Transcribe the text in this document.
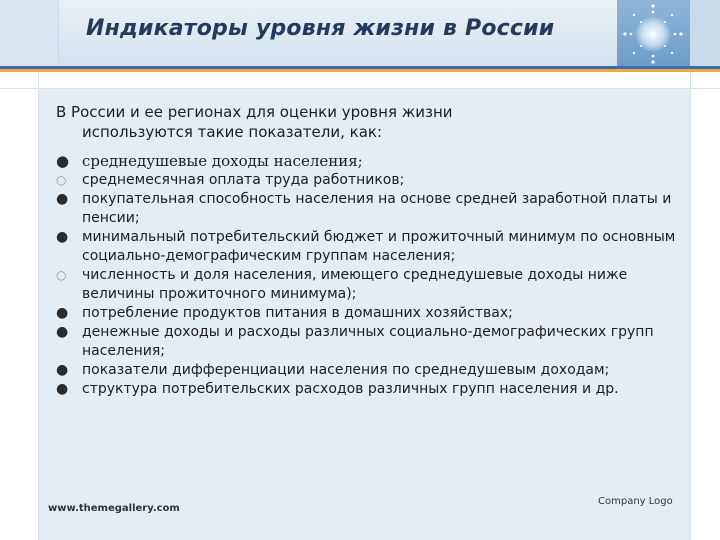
Индикаторы уровня жизни в России
В России и ее регионах для оценки уровня жизни
используются такие показатели, как:
● среднедушевые доходы населения;
○	среднемесячная оплата труда работников;
● покупательная способность населения на основе средней заработной платы и пенсии;
● минимальный потребительский бюджет и прожиточный минимум по основным социально-демографическим группам населения;
○	численность и доля населения, имеющего среднедушевые доходы ниже величины прожиточного минимума);
● потребление продуктов питания в домашних хозяйствах;
● денежные доходы и расходы различных социально-демографических групп населения;
● показатели дифференциации населения по среднедушевым доходам;
● структура потребительских расходов различных групп населения и др.
www.themegallery.com
Company Logo
